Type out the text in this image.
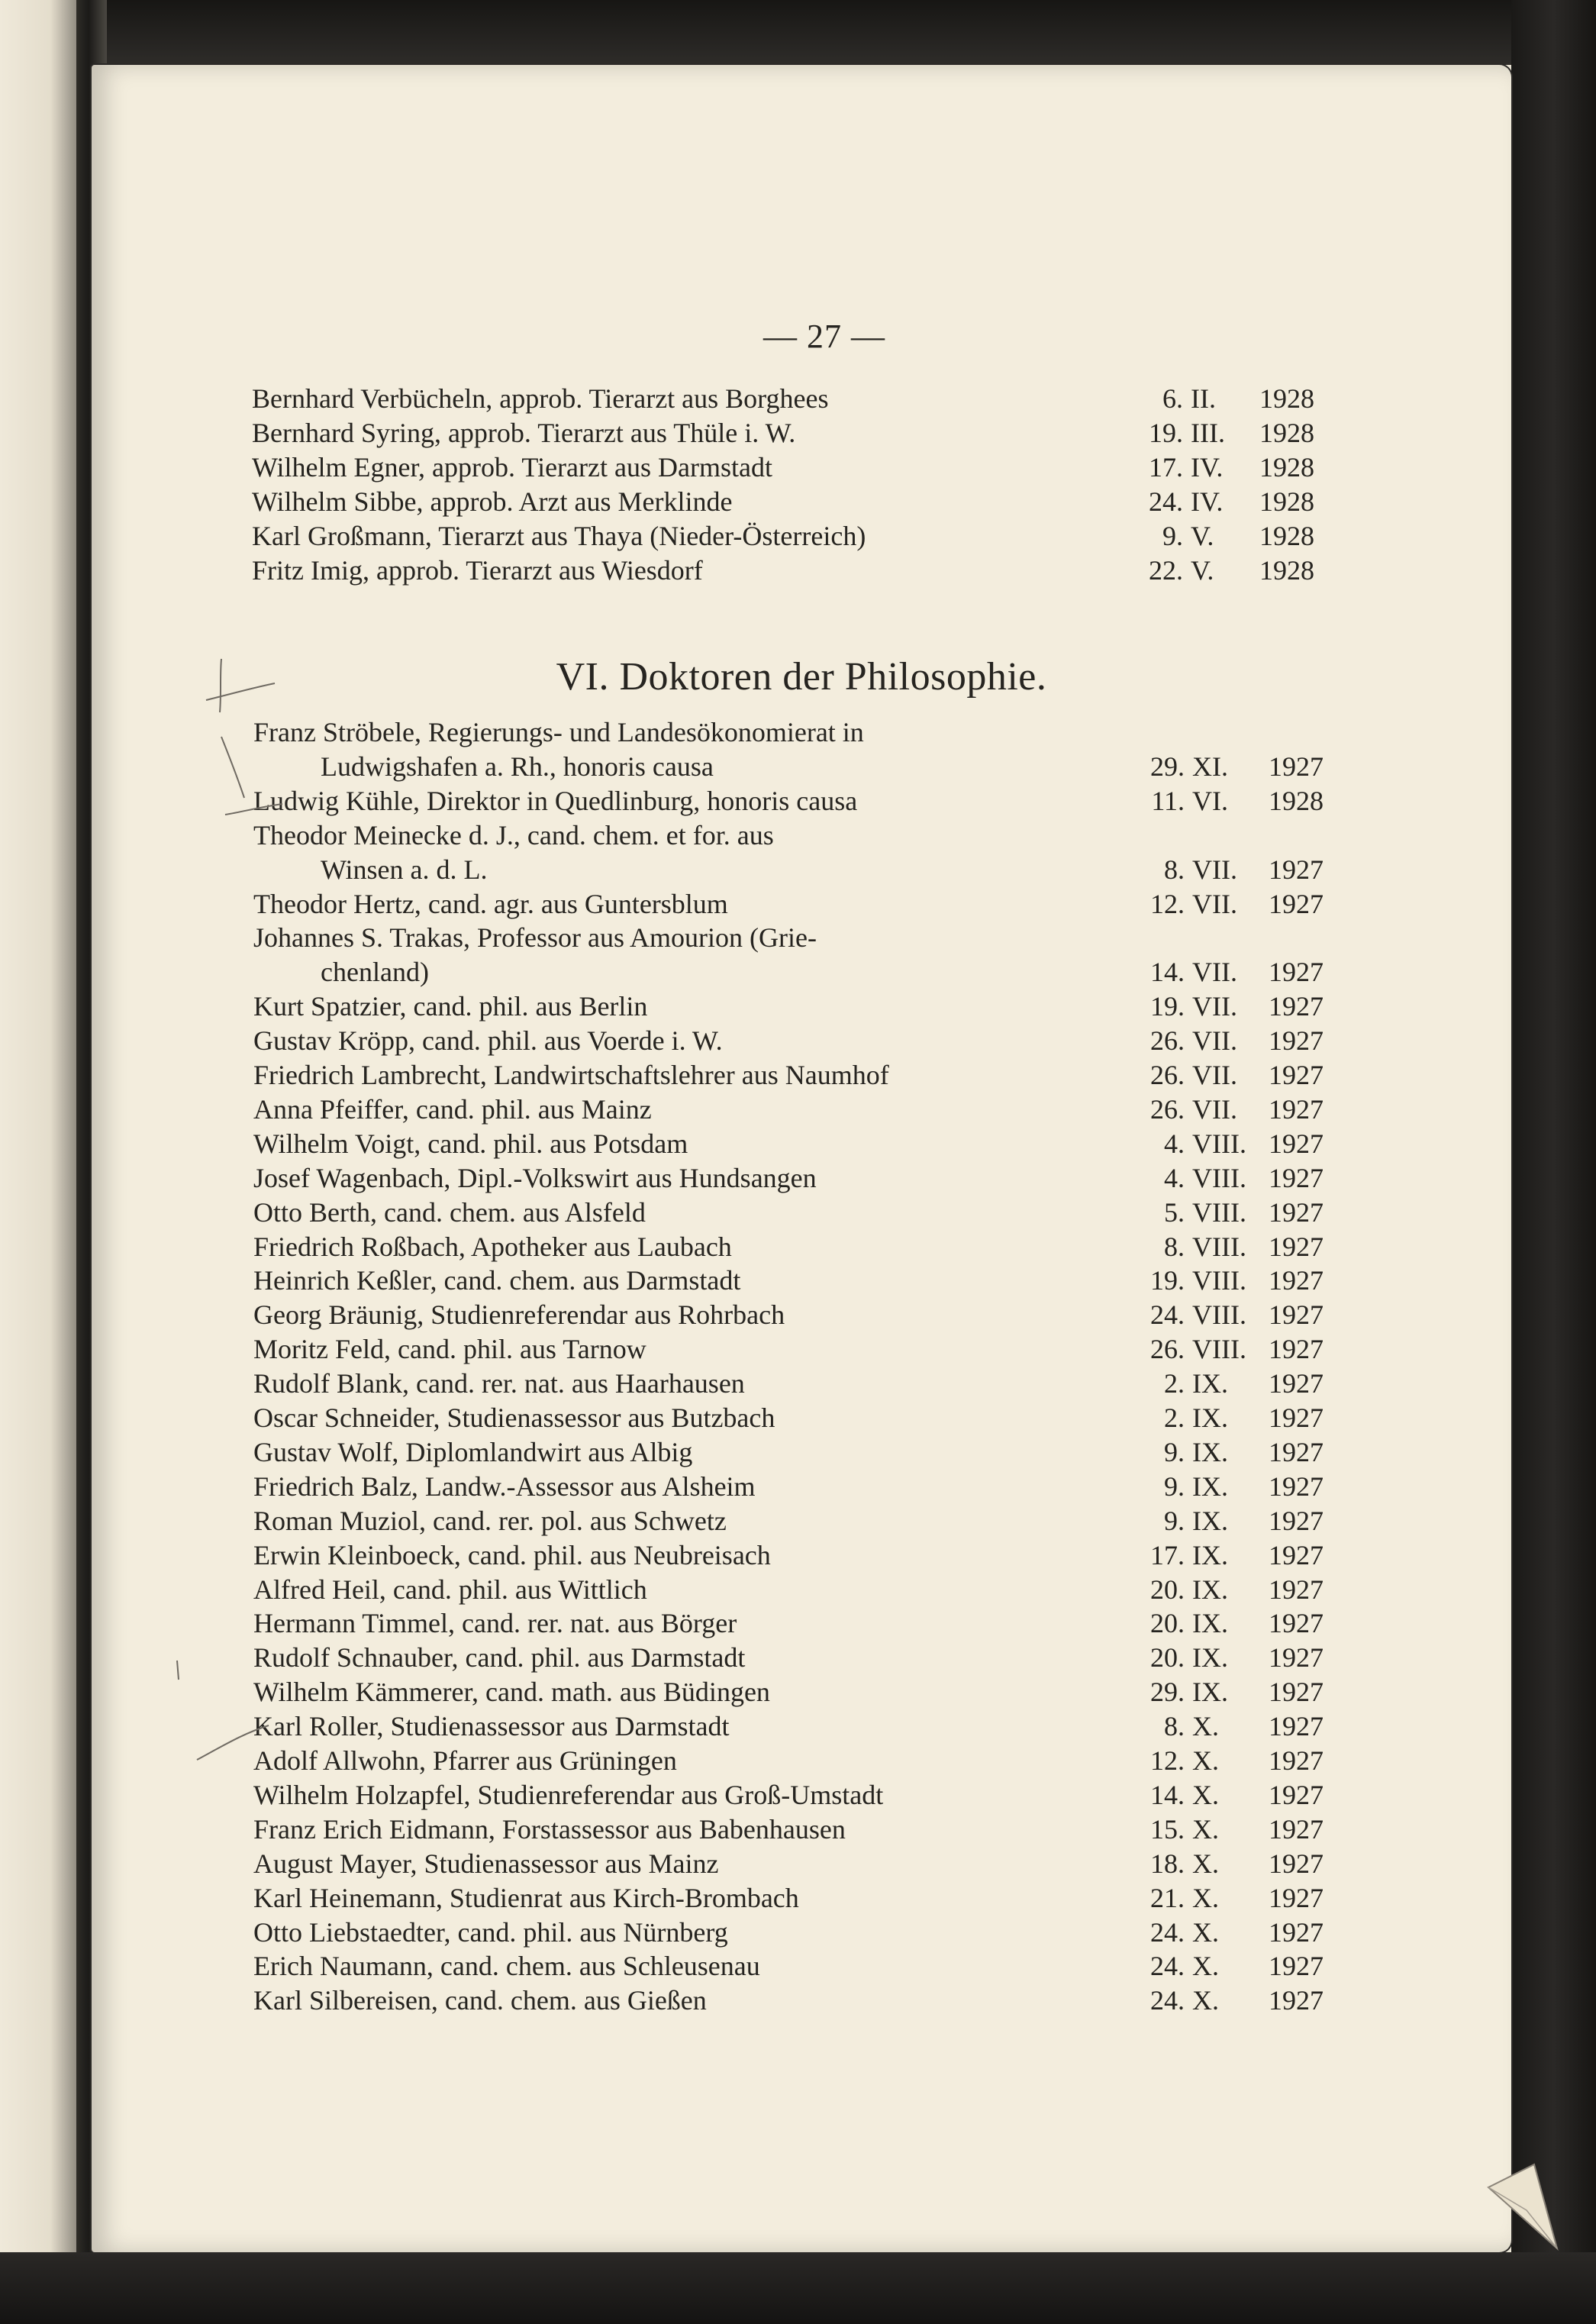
— 27 —
Bernhard Verbücheln, approb. Tierarzt aus Borghees	6. II. 1928
Bernhard Syring, approb. Tierarzt aus Thüle i. W.	19. III. 1928
Wilhelm Egner, approb. Tierarzt aus Darmstadt	17. IV. 1928
Wilhelm Sibbe, approb. Arzt aus Merklinde	24. IV. 1928
Karl Großmann, Tierarzt aus Thaya (Nieder-Österreich)	9. V. 1928
Fritz Imig, approb. Tierarzt aus Wiesdorf	22. V. 1928
VI. Doktoren der Philosophie.
Franz Ströbele, Regierungs- und Landesökonomierat in
Ludwigshafen a. Rh., honoris causa	29. XI. 1927
Ludwig Kühle, Direktor in Quedlinburg, honoris causa	11. VI. 1928
Theodor Meinecke d. J., cand. chem. et for. aus
Winsen a. d. L.	8. VII. 1927
Theodor Hertz, cand. agr. aus Guntersblum	12. VII. 1927
Johannes S. Trakas, Professor aus Amourion (Grie-
chenland)	14. VII. 1927
Kurt Spatzier, cand. phil. aus Berlin	19. VII. 1927
Gustav Kröpp, cand. phil. aus Voerde i. W.	26. VII. 1927
Friedrich Lambrecht, Landwirtschaftslehrer aus Naumhof	26. VII. 1927
Anna Pfeiffer, cand. phil. aus Mainz	26. VII. 1927
Wilhelm Voigt, cand. phil. aus Potsdam	4. VIII. 1927
Josef Wagenbach, Dipl.-Volkswirt aus Hundsangen	4. VIII. 1927
Otto Berth, cand. chem. aus Alsfeld	5. VIII. 1927
Friedrich Roßbach, Apotheker aus Laubach	8. VIII. 1927
Heinrich Keßler, cand. chem. aus Darmstadt	19. VIII. 1927
Georg Bräunig, Studienreferendar aus Rohrbach	24. VIII. 1927
Moritz Feld, cand. phil. aus Tarnow	26. VIII. 1927
Rudolf Blank, cand. rer. nat. aus Haarhausen	2. IX. 1927
Oscar Schneider, Studienassessor aus Butzbach	2. IX. 1927
Gustav Wolf, Diplomlandwirt aus Albig	9. IX. 1927
Friedrich Balz, Landw.-Assessor aus Alsheim	9. IX. 1927
Roman Muziol, cand. rer. pol. aus Schwetz	9. IX. 1927
Erwin Kleinboeck, cand. phil. aus Neubreisach	17. IX. 1927
Alfred Heil, cand. phil. aus Wittlich	20. IX. 1927
Hermann Timmel, cand. rer. nat. aus Börger	20. IX. 1927
Rudolf Schnauber, cand. phil. aus Darmstadt	20. IX. 1927
Wilhelm Kämmerer, cand. math. aus Büdingen	29. IX. 1927
Karl Roller, Studienassessor aus Darmstadt	8. X. 1927
Adolf Allwohn, Pfarrer aus Grüningen	12. X. 1927
Wilhelm Holzapfel, Studienreferendar aus Groß-Umstadt	14. X. 1927
Franz Erich Eidmann, Forstassessor aus Babenhausen	15. X. 1927
August Mayer, Studienassessor aus Mainz	18. X. 1927
Karl Heinemann, Studienrat aus Kirch-Brombach	21. X. 1927
Otto Liebstaedter, cand. phil. aus Nürnberg	24. X. 1927
Erich Naumann, cand. chem. aus Schleusenau	24. X. 1927
Karl Silbereisen, cand. chem. aus Gießen	24. X. 1927
